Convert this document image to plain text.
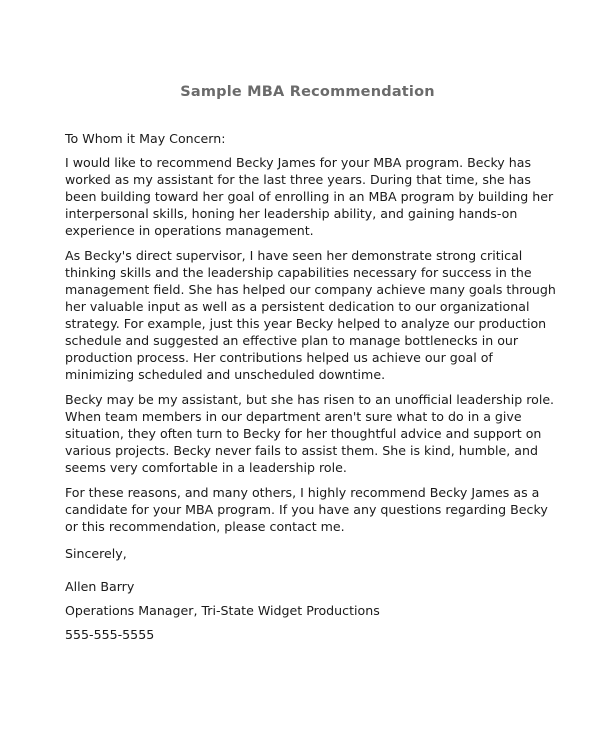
Sample MBA Recommendation

To Whom it May Concern:

I would like to recommend Becky James for your MBA program. Becky has worked as my assistant for the last three years. During that time, she has been building toward her goal of enrolling in an MBA program by building her interpersonal skills, honing her leadership ability, and gaining hands-on experience in operations management.

As Becky's direct supervisor, I have seen her demonstrate strong critical thinking skills and the leadership capabilities necessary for success in the management field. She has helped our company achieve many goals through her valuable input as well as a persistent dedication to our organizational strategy. For example, just this year Becky helped to analyze our production schedule and suggested an effective plan to manage bottlenecks in our production process. Her contributions helped us achieve our goal of minimizing scheduled and unscheduled downtime.

Becky may be my assistant, but she has risen to an unofficial leadership role. When team members in our department aren't sure what to do in a give situation, they often turn to Becky for her thoughtful advice and support on various projects. Becky never fails to assist them. She is kind, humble, and seems very comfortable in a leadership role.

For these reasons, and many others, I highly recommend Becky James as a candidate for your MBA program. If you have any questions regarding Becky or this recommendation, please contact me.

Sincerely,
Allen Barry
Operations Manager, Tri-State Widget Productions
555-555-5555
